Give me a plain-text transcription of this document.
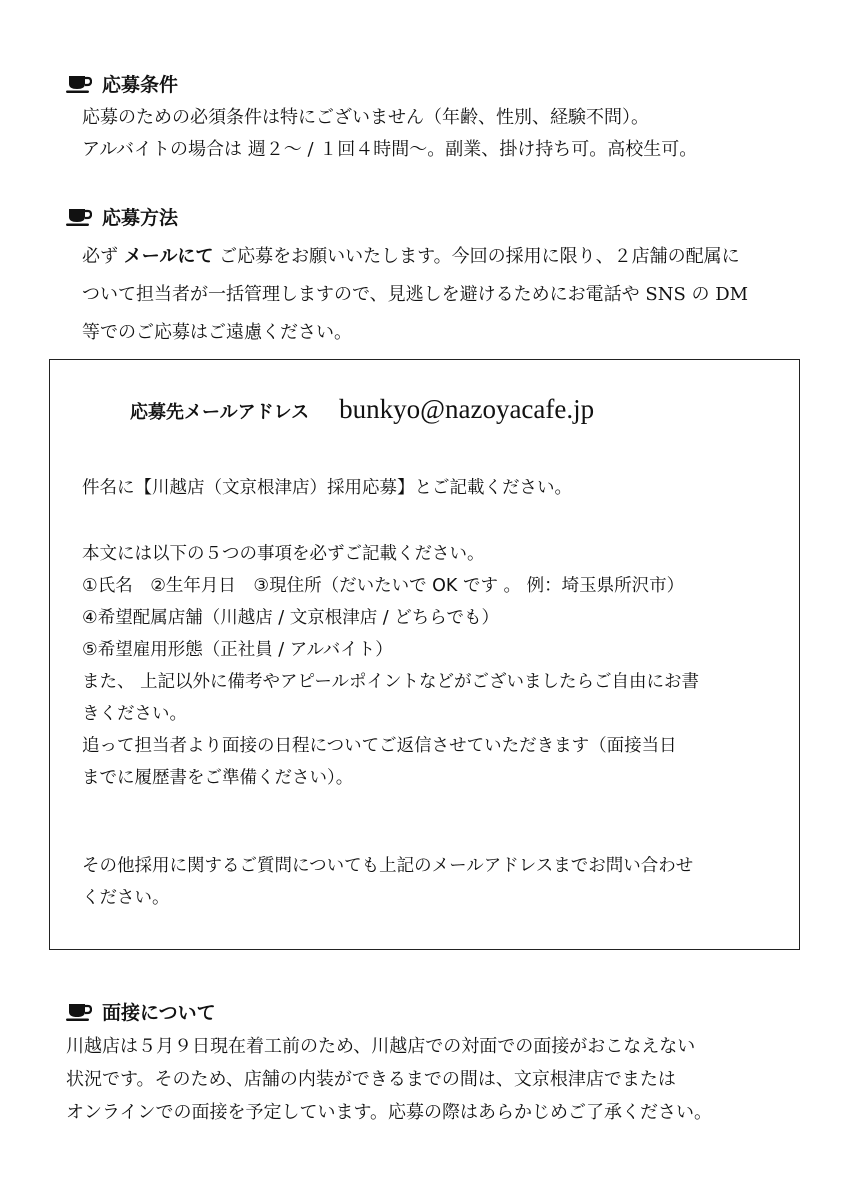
応募条件

応募のための必須条件は特にございません（年齢、性別、経験不問）。

アルバイトの場合は 週２～ / １回４時間～。副業、掛け持ち可。高校生可。

応募方法

必ず メールにて ご応募をお願いいたします。今回の採用に限り、２店舗の配属に

ついて担当者が一括管理しますので、見逃しを避けるためにお電話や SNS の DM

等でのご応募はご遠慮ください。

応募先メールアドレス bunkyo@nazoyacafe.jp

件名に【川越店（文京根津店）採用応募】とご記載ください。

本文には以下の５つの事項を必ずご記載ください。

①氏名　②生年月日　③現住所（だいたいで OK です 。 例：埼玉県所沢市）

④希望配属店舗（川越店 / 文京根津店 / どちらでも）

⑤希望雇用形態（正社員 / アルバイト）

また、 上記以外に備考やアピールポイントなどがございましたらご自由にお書

きください。

追って担当者より面接の日程についてご返信させていただきます（面接当日

までに履歴書をご準備ください）。

その他採用に関するご質問についても上記のメールアドレスまでお問い合わせ

ください。

面接について

川越店は５月９日現在着工前のため、川越店での対面での面接がおこなえない

状況です。そのため、店舗の内装ができるまでの間は、文京根津店でまたは

オンラインでの面接を予定しています。応募の際はあらかじめご了承ください。
